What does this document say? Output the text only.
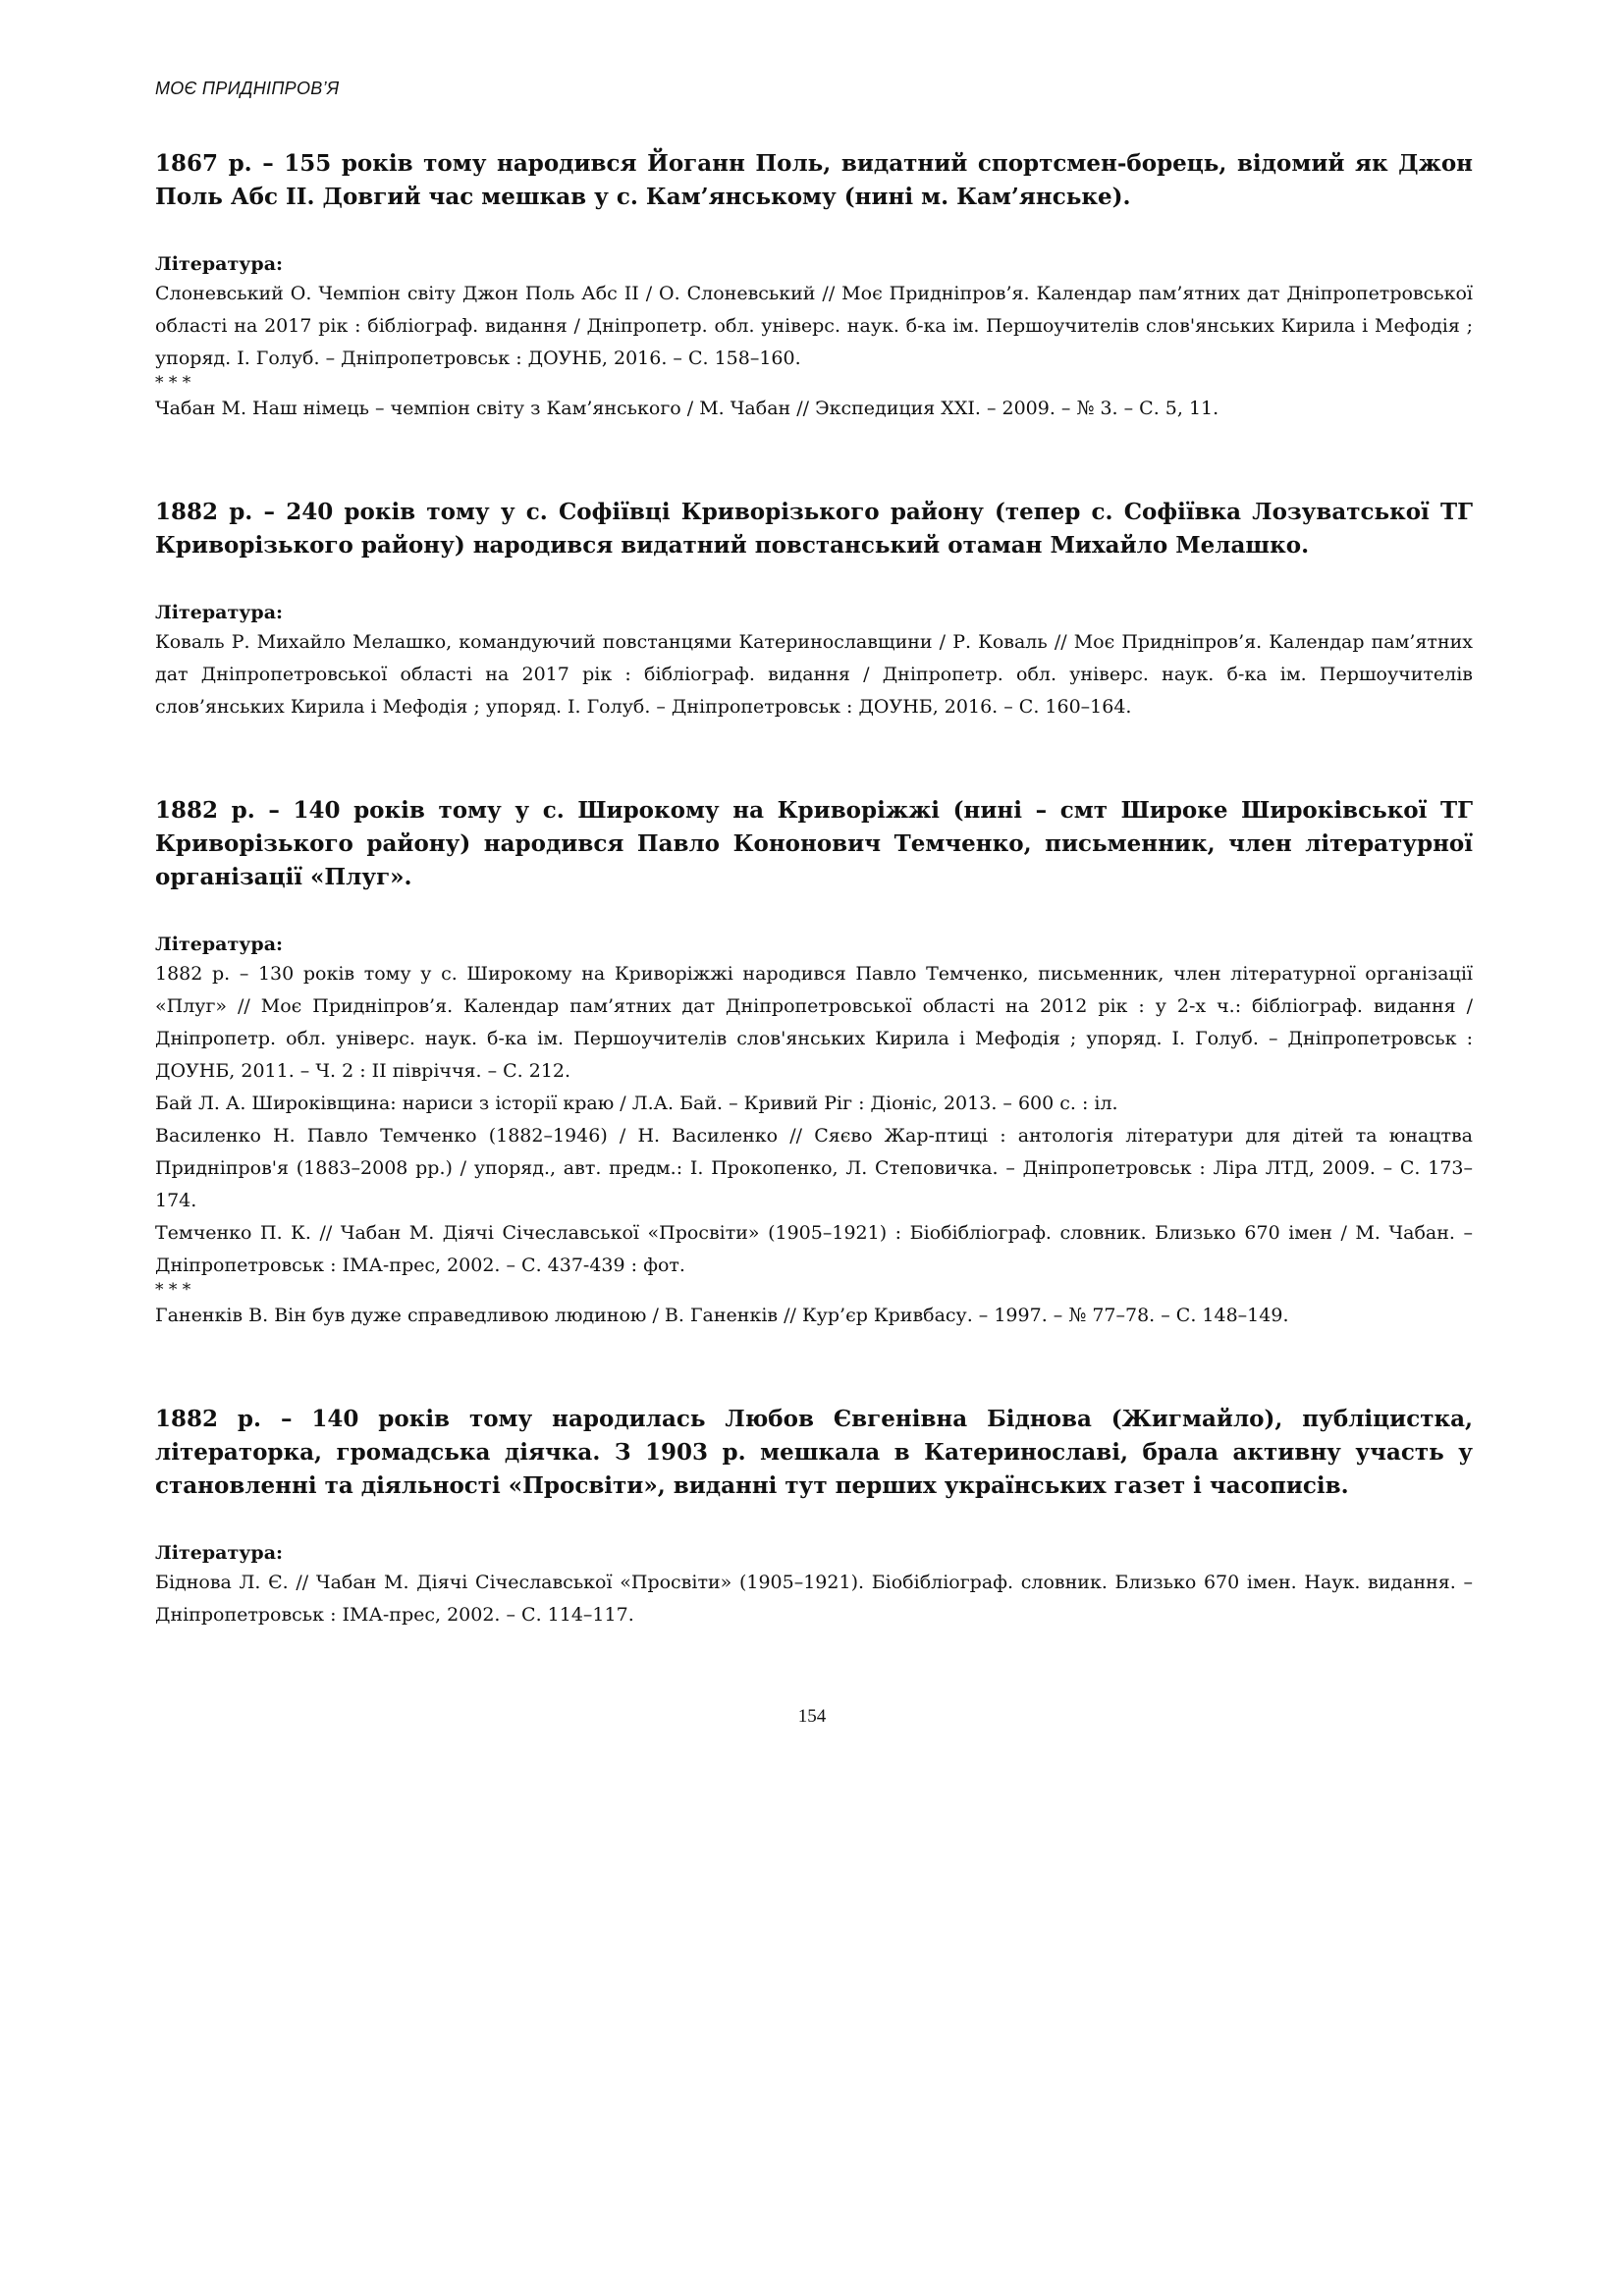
МОЄ ПРИДНІПРОВ’Я

1867 р. – 155 років тому народився Йоганн Поль, видатний спортсмен-борець, відомий як Джон Поль Абс ІІ. Довгий час мешкав у с. Кам’янському (нині м. Кам’янське).

Література:

Слоневський О. Чемпіон світу Джон Поль Абс ІІ / О. Слоневський // Моє Придніпров’я. Календар пам’ятних дат Дніпропетровської області на 2017 рік : бібліограф. видання / Дніпропетр. обл. універс. наук. б-ка ім. Першоучителів слов'янських Кирила і Мефодія ; упоряд. І. Голуб. – Дніпропетровськ : ДОУНБ, 2016. – С. 158–160.

* * *

Чабан М. Наш німець – чемпіон світу з Кам’янського / М. Чабан // Экспедиция XXI. – 2009. – № 3. – С. 5, 11.

1882 р. – 240 років тому у с. Софіївці Криворізького району (тепер с. Софіївка Лозуватської ТГ Криворізького району) народився видатний повстанський отаман Михайло Мелашко.

Література:

Коваль Р. Михайло Мелашко, командуючий повстанцями Катеринославщини / Р. Коваль // Моє Придніпров’я. Календар пам’ятних дат Дніпропетровської області на 2017 рік : бібліограф. видання / Дніпропетр. обл. універс. наук. б-ка ім. Першоучителів слов’янських Кирила і Мефодія ; упоряд. І. Голуб. – Дніпропетровськ : ДОУНБ, 2016. – С. 160–164.

1882 р. – 140 років тому у с. Широкому на Криворіжжі (нині – смт Широке Широківської ТГ Криворізького району) народився Павло Кононович Темченко, письменник, член літературної організації «Плуг».

Література:

1882 р. – 130 років тому у с. Широкому на Криворіжжі народився Павло Темченко, письменник, член літературної організації «Плуг» // Моє Придніпров’я. Календар пам’ятних дат Дніпропетровської області на 2012 рік : у 2-х ч.: бібліограф. видання / Дніпропетр. обл. універс. наук. б-ка ім. Першоучителів слов'янських Кирила і Мефодія ; упоряд. І. Голуб. – Дніпропетровськ : ДОУНБ, 2011. – Ч. 2 : ІІ півріччя. – С. 212.

Бай Л. А. Широківщина: нариси з історії краю / Л.А. Бай. – Кривий Ріг : Діоніс, 2013. – 600 с. : іл.

Василенко Н. Павло Темченко (1882–1946) / Н. Василенко // Сяєво Жар-птиці : антологія літератури для дітей та юнацтва Придніпров'я (1883–2008 рр.) / упоряд., авт. предм.: І. Прокопенко, Л. Степовичка. – Дніпропетровськ : Ліра ЛТД, 2009. – С. 173–174.

Темченко П. К. // Чабан М. Діячі Січеславської «Просвіти» (1905–1921) : Біобібліограф. словник. Близько 670 імен / М. Чабан. – Дніпропетровськ : ІМА-прес, 2002. – С. 437-439 : фот.

* * *

Ганенків В. Він був дуже справедливою людиною / В. Ганенків // Кур’єр Кривбасу. – 1997. – № 77–78. – С. 148–149.

1882 р. – 140 років тому народилась Любов Євгенівна Біднова (Жигмайло), публіцистка, літераторка, громадська діячка. З 1903 р. мешкала в Катеринославі, брала активну участь у становленні та діяльності «Просвіти», виданні тут перших українських газет і часописів.

Література:

Біднова Л. Є. // Чабан М. Діячі Січеславської «Просвіти» (1905–1921). Біобібліограф. словник. Близько 670 імен. Наук. видання. – Дніпропетровськ : ІМА-прес, 2002. – С. 114–117.

154
